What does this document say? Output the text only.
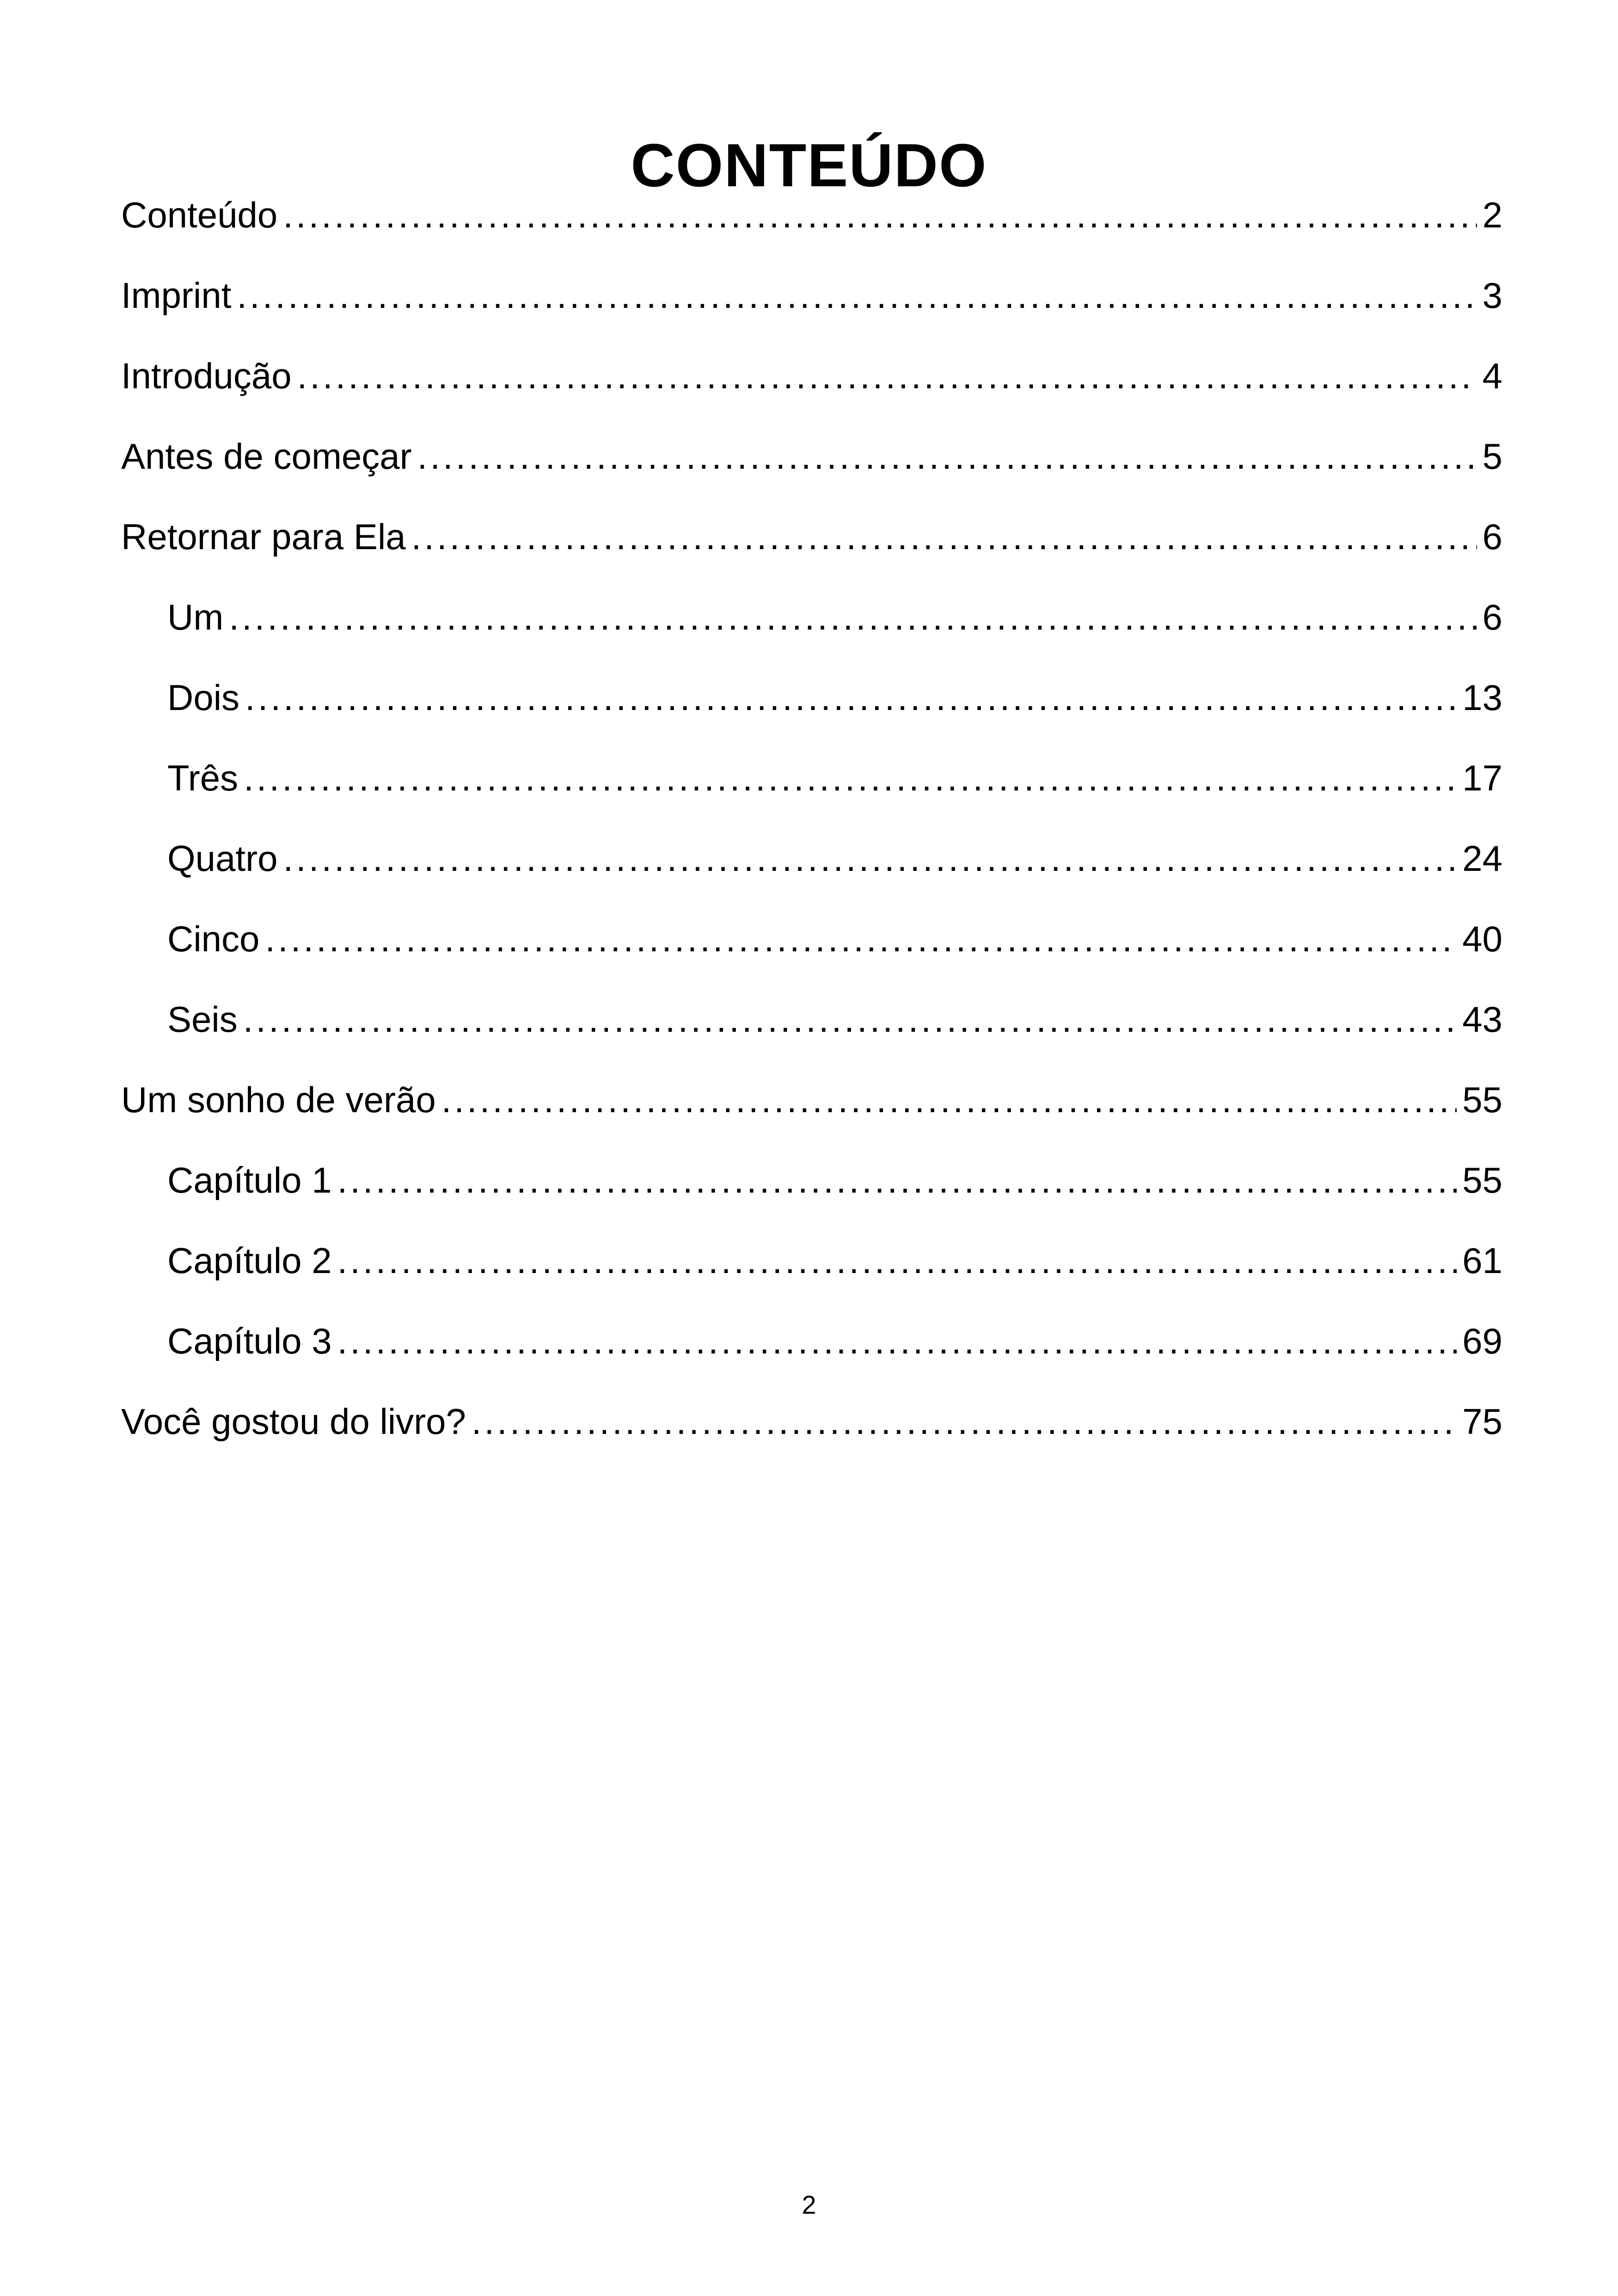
CONTEÚDO
Conteúdo .....	2
Imprint .....	3
Introdução .....	4
Antes de começar .....	5
Retornar para Ela .....	6
Um .....	6
Dois .....	13
Três .....	17
Quatro .....	24
Cinco .....	40
Seis .....	43
Um sonho de verão .....	55
Capítulo 1 .....	55
Capítulo 2 .....	61
Capítulo 3 .....	69
Você gostou do livro? .....	75
2
